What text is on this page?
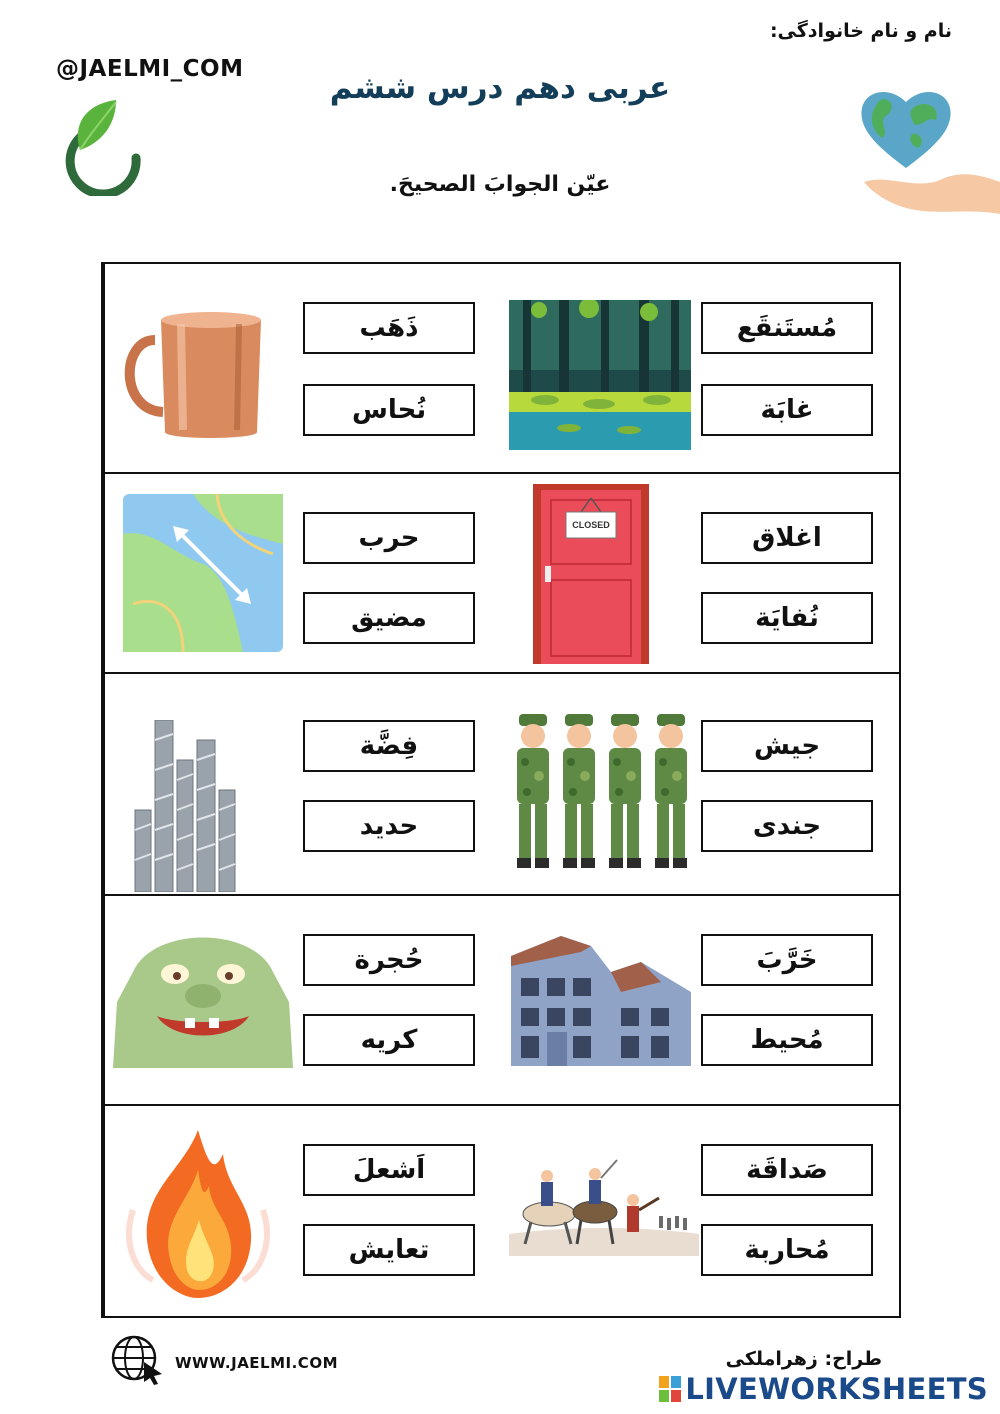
نام و نام خانوادگی:
@JAELMI_COM
عربی دهم درس ششم
عیّن الجوابَ الصحیحَ.
ذَهَب
نُحاس
مُستَنقَع
غابَة
حرب
مضيق
CLOSED	اغلاق
نُفايَة
فِضَّة
حديد
جيش
جندی
حُجرة
كريه
خَرَّبَ
مُحيط
اَشعلَ
تعايش
صَداقَة
مُحاربة
WWW.JAELMI.COM	طراح: زهراملکی
LIVEWORKSHEETS
